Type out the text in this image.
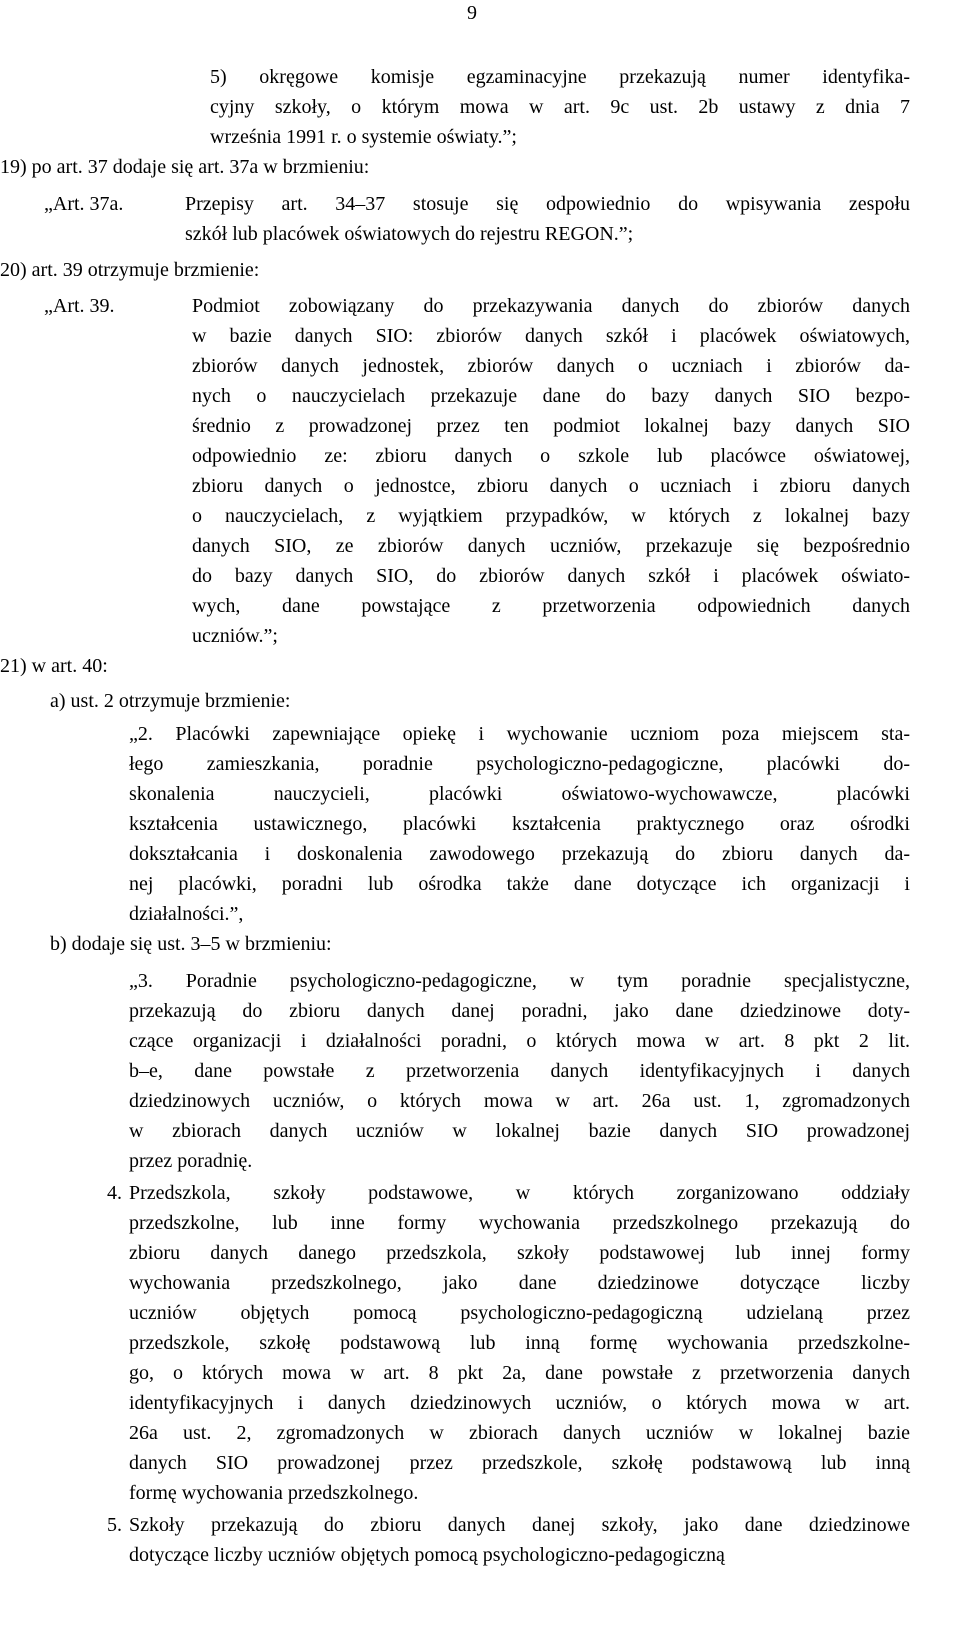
9
5) okręgowe komisje egzaminacyjne przekazują numer identyfika-
cyjny szkoły, o którym mowa w art. 9c ust. 2b ustawy z dnia 7
września 1991 r. o systemie oświaty.”;
19) po art. 37 dodaje się art. 37a w brzmieniu:
„Art. 37a.	Przepisy art. 34–37 stosuje się odpowiednio do wpisywania zespołu
szkół lub placówek oświatowych do rejestru REGON.”;
20) art. 39 otrzymuje brzmienie:
„Art. 39.	Podmiot zobowiązany do przekazywania danych do zbiorów danych
w bazie danych SIO: zbiorów danych szkół i placówek oświatowych,
zbiorów danych jednostek, zbiorów danych o uczniach i zbiorów da-
nych o nauczycielach przekazuje dane do bazy danych SIO bezpo-
średnio z prowadzonej przez ten podmiot lokalnej bazy danych SIO
odpowiednio ze: zbioru danych o szkole lub placówce oświatowej,
zbioru danych o jednostce, zbioru danych o uczniach i zbioru danych
o nauczycielach, z wyjątkiem przypadków, w których z lokalnej bazy
danych SIO, ze zbiorów danych uczniów, przekazuje się bezpośrednio
do bazy danych SIO, do zbiorów danych szkół i placówek oświato-
wych, dane powstające z przetworzenia odpowiednich danych
uczniów.”;
21) w art. 40:
a) ust. 2 otrzymuje brzmienie:
„2. Placówki zapewniające opiekę i wychowanie uczniom poza miejscem sta-
łego zamieszkania, poradnie psychologiczno-pedagogiczne, placówki do-
skonalenia nauczycieli, placówki oświatowo-wychowawcze, placówki
kształcenia ustawicznego, placówki kształcenia praktycznego oraz ośrodki
dokształcania i doskonalenia zawodowego przekazują do zbioru danych da-
nej placówki, poradni lub ośrodka także dane dotyczące ich organizacji i
działalności.”,
b) dodaje się ust. 3–5 w brzmieniu:
„3. Poradnie psychologiczno-pedagogiczne, w tym poradnie specjalistyczne,
przekazują do zbioru danych danej poradni, jako dane dziedzinowe doty-
czące organizacji i działalności poradni, o których mowa w art. 8 pkt 2 lit.
b–e, dane powstałe z przetworzenia danych identyfikacyjnych i danych
dziedzinowych uczniów, o których mowa w art. 26a ust. 1, zgromadzonych
w zbiorach danych uczniów w lokalnej bazie danych SIO prowadzonej
przez poradnię.
4. Przedszkola, szkoły podstawowe, w których zorganizowano oddziały
przedszkolne, lub inne formy wychowania przedszkolnego przekazują do
zbioru danych danego przedszkola, szkoły podstawowej lub innej formy
wychowania przedszkolnego, jako dane dziedzinowe dotyczące liczby
uczniów objętych pomocą psychologiczno-pedagogiczną udzielaną przez
przedszkole, szkołę podstawową lub inną formę wychowania przedszkolne-
go, o których mowa w art. 8 pkt 2a, dane powstałe z przetworzenia danych
identyfikacyjnych i danych dziedzinowych uczniów, o których mowa w art.
26a ust. 2, zgromadzonych w zbiorach danych uczniów w lokalnej bazie
danych SIO prowadzonej przez przedszkole, szkołę podstawową lub inną
formę wychowania przedszkolnego.
5. Szkoły przekazują do zbioru danych danej szkoły, jako dane dziedzinowe
dotyczące liczby uczniów objętych pomocą psychologiczno-pedagogiczną
